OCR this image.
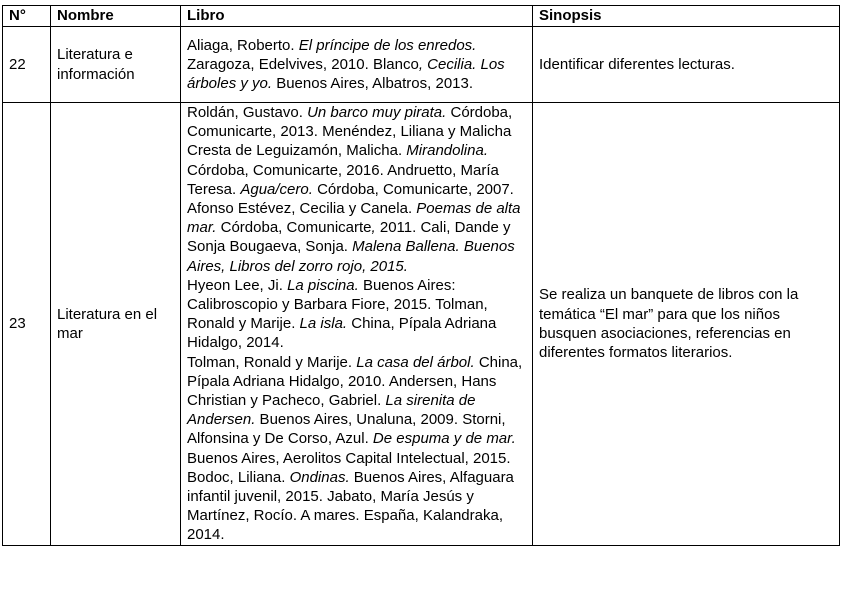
N°	Nombre	Libro	Sinopsis
22	Literatura e información	Aliaga, Roberto. El príncipe de los enredos. Zaragoza, Edelvives, 2010. Blanco, Cecilia. Los árboles y yo. Buenos Aires, Albatros, 2013.	Identificar diferentes lecturas.
23	Literatura en el mar	Roldán, Gustavo. Un barco muy pirata. Córdoba, Comunicarte, 2013. Menéndez, Liliana y Malicha Cresta de Leguizamón, Malicha. Mirandolina. Córdoba, Comunicarte, 2016. Andruetto, María Teresa. Agua/cero. Córdoba, Comunicarte, 2007.
Afonso Estévez, Cecilia y Canela. Poemas de alta mar. Córdoba, Comunicarte, 2011. Cali, Dande y Sonja Bougaeva, Sonja. Malena Ballena. Buenos Aires, Libros del zorro rojo, 2015.
Hyeon Lee, Ji. La piscina. Buenos Aires: Calibroscopio y Barbara Fiore, 2015. Tolman, Ronald y Marije. La isla. China, Pípala Adriana Hidalgo, 2014.
Tolman, Ronald y Marije. La casa del árbol. China, Pípala Adriana Hidalgo, 2010. Andersen, Hans Christian y Pacheco, Gabriel. La sirenita de Andersen. Buenos Aires, Unaluna, 2009. Storni, Alfonsina y De Corso, Azul. De espuma y de mar. Buenos Aires, Aerolitos Capital Intelectual, 2015. Bodoc, Liliana. Ondinas. Buenos Aires, Alfaguara infantil juvenil, 2015. Jabato, María Jesús y Martínez, Rocío. A mares. España, Kalandraka, 2014.	Se realiza un banquete de libros con la temática “El mar” para que los niños busquen asociaciones, referencias en diferentes formatos literarios.
